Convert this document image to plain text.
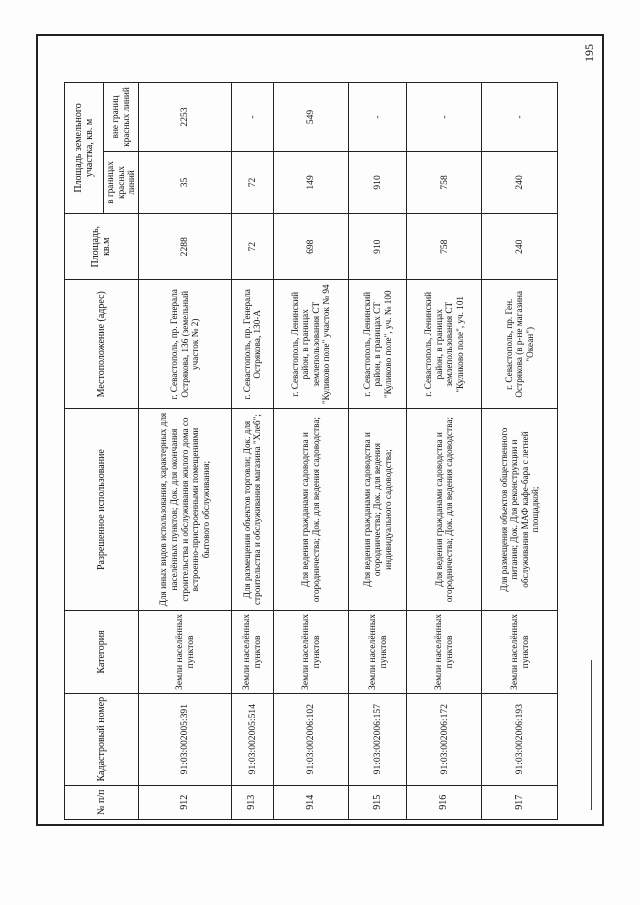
195
№ п/п	Кадастровый номер	Категория	Разрешенное использование	Местоположение (адрес)	Площадь, кв.м	Площадь земельного участка, кв. м	
						в границах красных линий	вне границ красных линий
912	91:03:002005:391	Земли населённых пунктов	Для иных видов использования, характерных для населённых пунктов; Док. для окончания строительства и обслуживания жилого дома со встроенно-пристроенными помещениями бытового обслуживания;	г. Севастополь, пр. Генерала Острякова, 136 (земельный участок № 2)	2288	35	2253
913	91:03:002005:514	Земли населённых пунктов	Для размещения объектов торговли; Док. для строительства и обслуживания магазина "Хлеб";	г. Севастополь, пр. Генерала Острякова, 130-А	72	72	-
914	91:03:002006:102	Земли населённых пунктов	Для ведения гражданами садоводства и огородничества; Док. для ведения садоводства;	г. Севастополь, Ленинский район, в границах землепользования СТ "Куликово поле" участок № 94	698	149	549
915	91:03:002006:157	Земли населённых пунктов	Для ведения гражданами садоводства и огородничества; Док. для ведения индивидуального садоводства;	г. Севастополь, Ленинский район, в границах СТ "Куликово поле", уч. № 100	910	910	-
916	91:03:002006:172	Земли населённых пунктов	Для ведения гражданами садоводства и огородничества; Док. для ведения садоводства;	г. Севастополь, Ленинский район, в границах землепользования СТ "Куликово поле", уч. 101	758	758	-
917	91:03:002006:193	Земли населённых пунктов	Для размещения объектов общественного питания; Док. Для реконструкции и обслуживания МАФ кафе-бара с летней площадкой;	г. Севастополь, пр. Ген. Острякова (в р-не магазина "Океан")	240	240	-
